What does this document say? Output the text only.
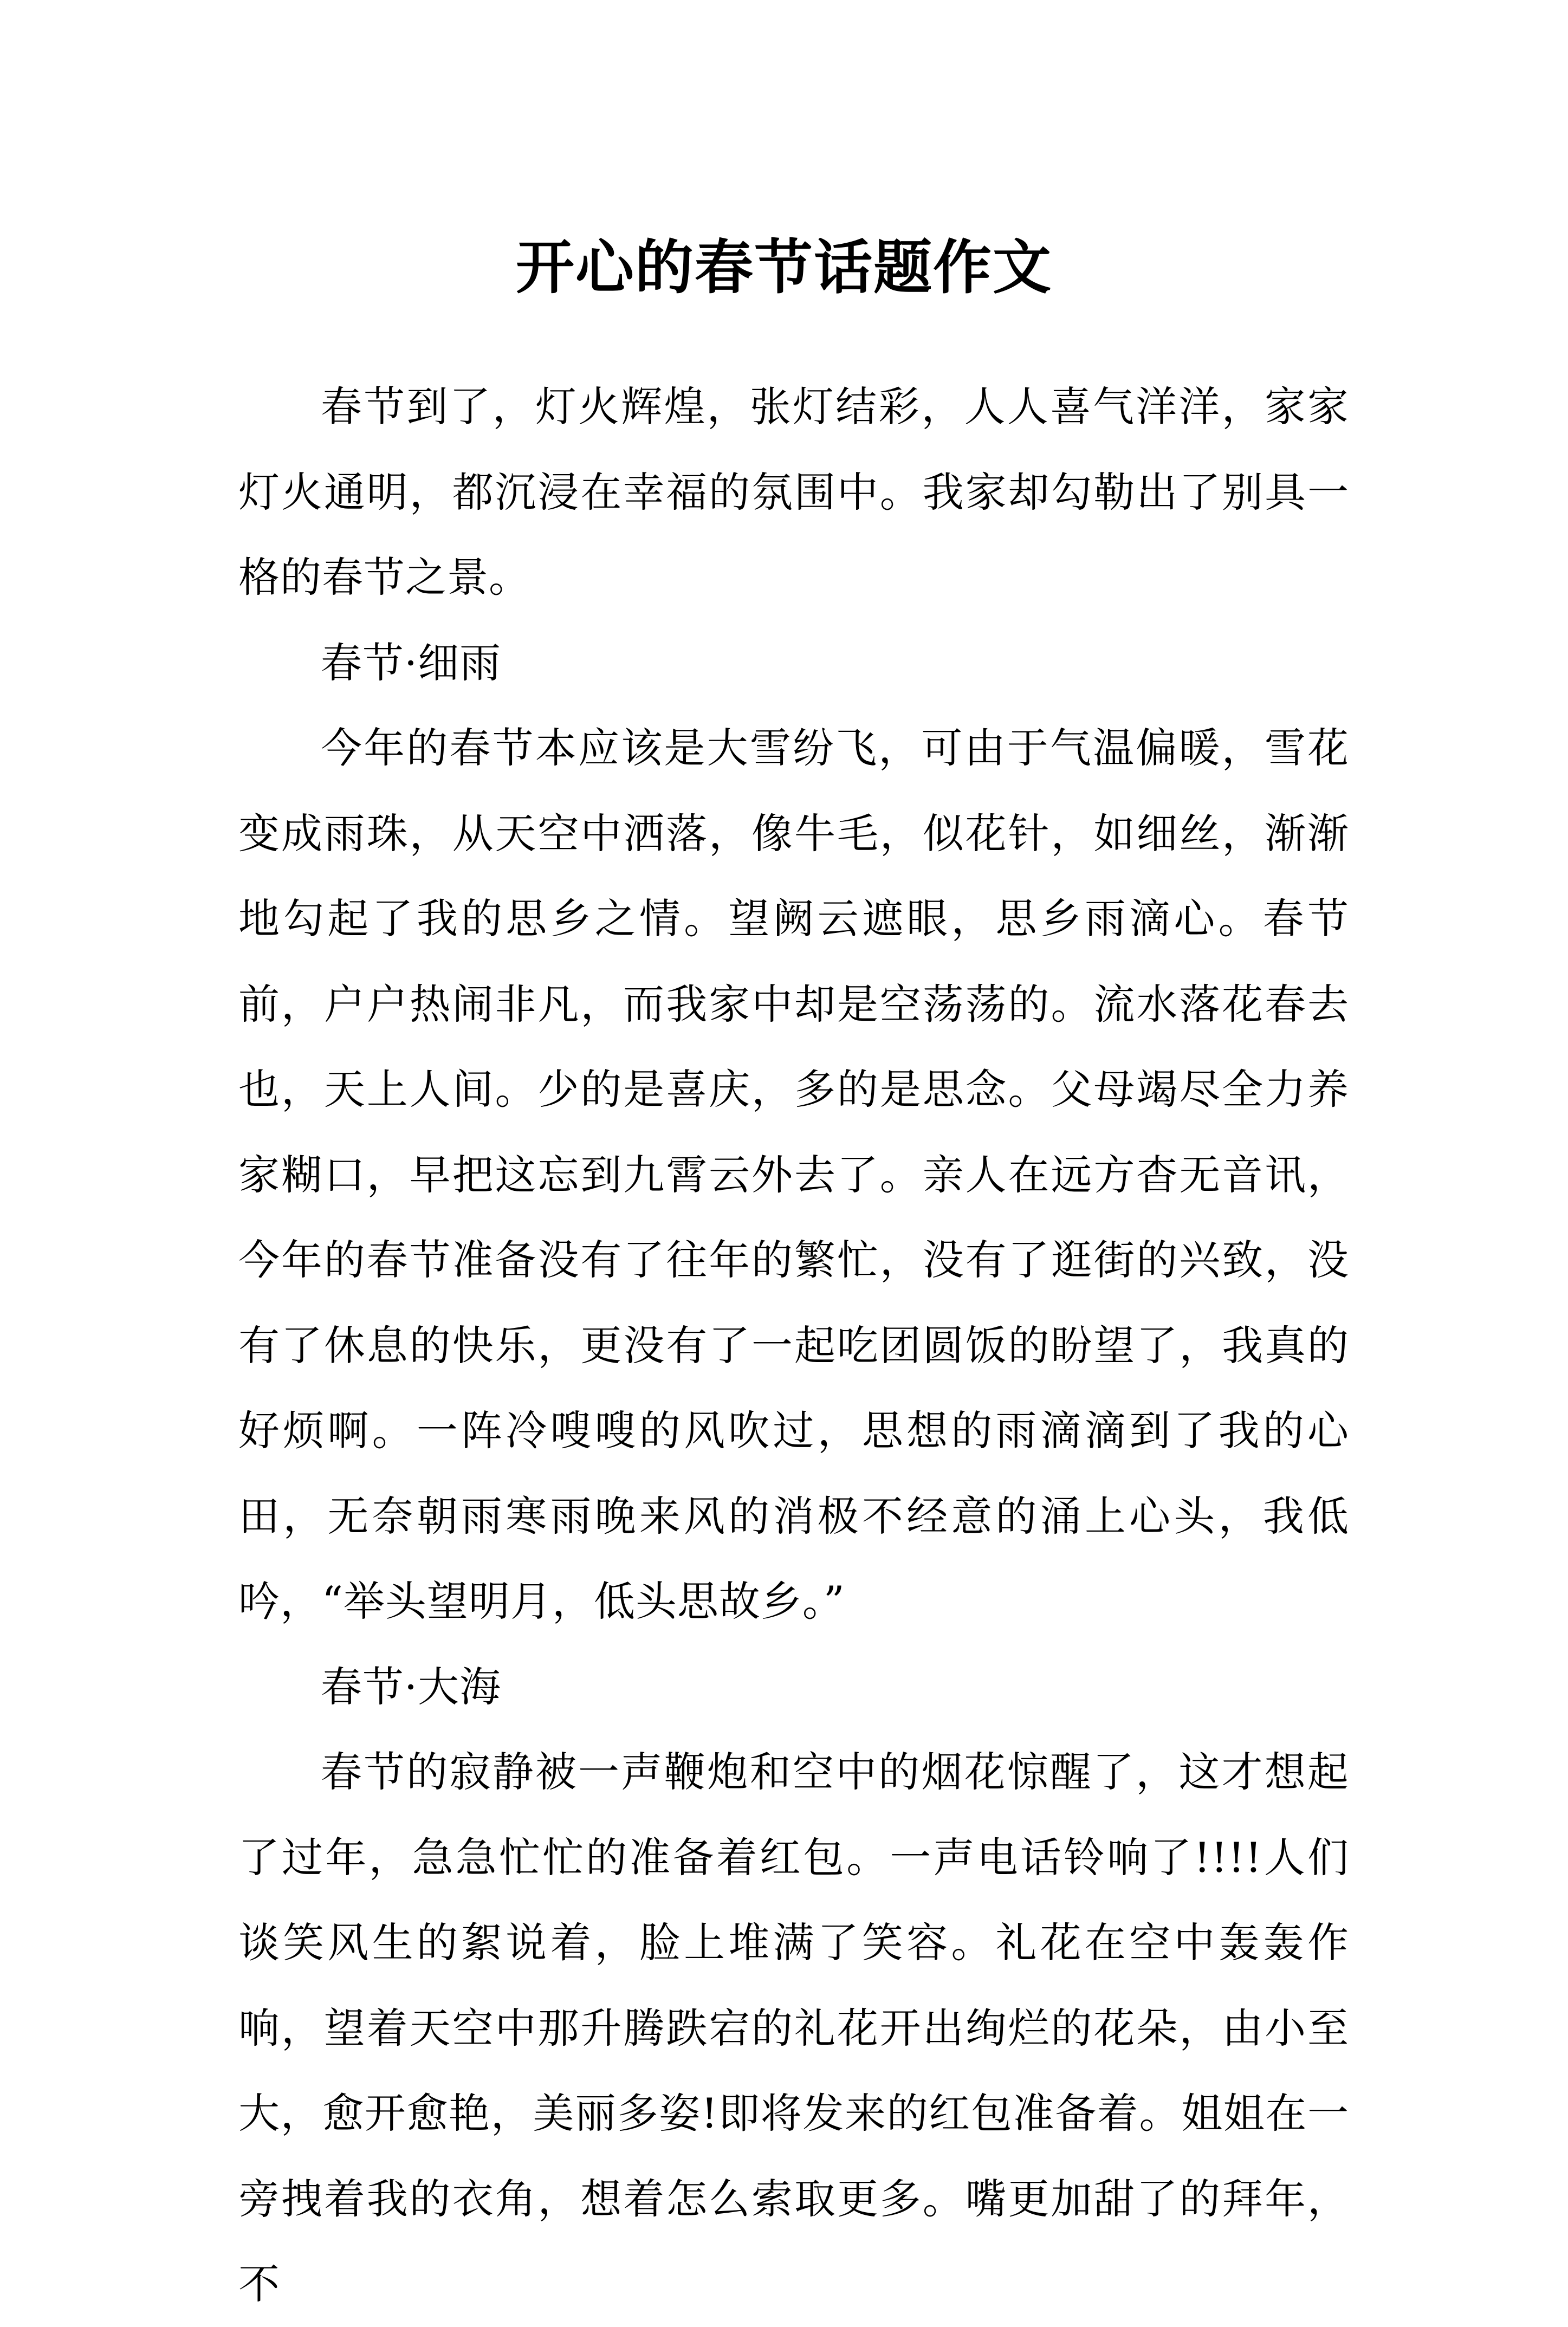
开心的春节话题作文

春节到了，灯火辉煌，张灯结彩，人人喜气洋洋，家家灯火通明，都沉浸在幸福的氛围中。我家却勾勒出了别具一格的春节之景。

春节·细雨

今年的春节本应该是大雪纷飞，可由于气温偏暖，雪花变成雨珠，从天空中洒落，像牛毛，似花针，如细丝，渐渐地勾起了我的思乡之情。望阙云遮眼，思乡雨滴心。春节前，户户热闹非凡，而我家中却是空荡荡的。流水落花春去也，天上人间。少的是喜庆，多的是思念。父母竭尽全力养家糊口，早把这忘到九霄云外去了。亲人在远方杳无音讯，今年的春节准备没有了往年的繁忙，没有了逛街的兴致，没有了休息的快乐，更没有了一起吃团圆饭的盼望了，我真的好烦啊。一阵冷嗖嗖的风吹过，思想的雨滴滴到了我的心田，无奈朝雨寒雨晚来风的消极不经意的涌上心头，我低吟，“举头望明月，低头思故乡。”

春节·大海

春节的寂静被一声鞭炮和空中的烟花惊醒了，这才想起了过年，急急忙忙的准备着红包。一声电话铃响了!!!!人们谈笑风生的絮说着，脸上堆满了笑容。礼花在空中轰轰作响，望着天空中那升腾跌宕的礼花开出绚烂的花朵，由小至大，愈开愈艳，美丽多姿!即将发来的红包准备着。姐姐在一旁拽着我的衣角，想着怎么索取更多。嘴更加甜了的拜年，不
